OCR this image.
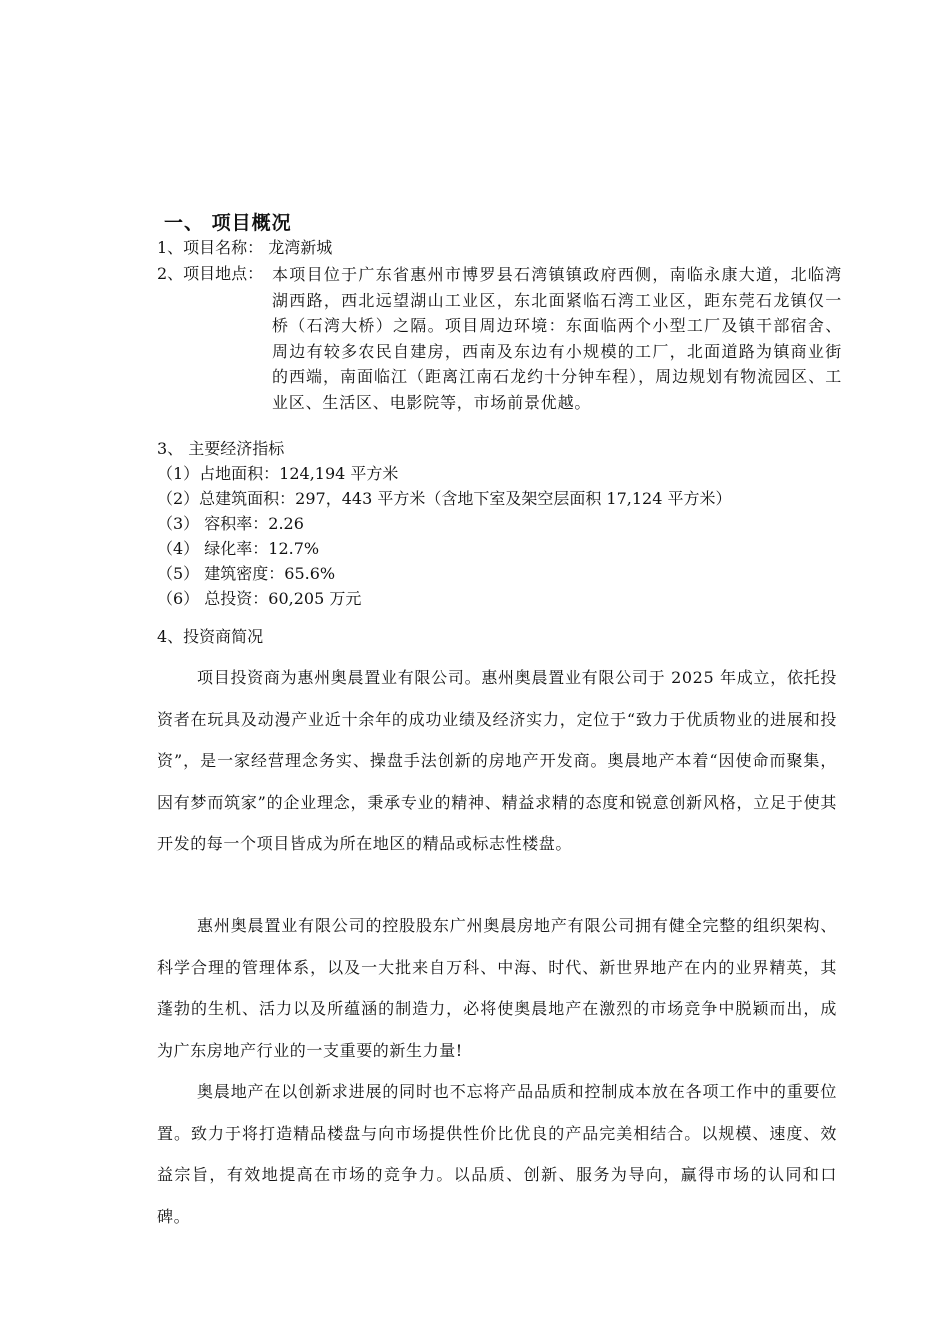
一、 项目概况
1、项目名称： 龙湾新城
2、项目地点： 本项目位于广东省惠州市博罗县石湾镇镇政府西侧，南临永康大道，北临湾湖西路，西北远望湖山工业区，东北面紧临石湾工业区，距东莞石龙镇仅一桥（石湾大桥）之隔。项目周边环境：东面临两个小型工厂及镇干部宿舍、周边有较多农民自建房，西南及东边有小规模的工厂，北面道路为镇商业街的西端，南面临江（距离江南石龙约十分钟车程），周边规划有物流园区、工业区、生活区、电影院等，市场前景优越。
3、 主要经济指标
（1）占地面积：124,194 平方米
（2）总建筑面积：297，443 平方米（含地下室及架空层面积 17,124 平方米）
（3） 容积率：2.26
（4） 绿化率：12.7%
（5） 建筑密度：65.6%
（6） 总投资：60,205 万元
4、投资商简况
项目投资商为惠州奥晨置业有限公司。惠州奥晨置业有限公司于 2025 年成立，依托投资者在玩具及动漫产业近十余年的成功业绩及经济实力，定位于“致力于优质物业的进展和投资”，是一家经营理念务实、操盘手法创新的房地产开发商。奥晨地产本着“因使命而聚集，因有梦而筑家”的企业理念，秉承专业的精神、精益求精的态度和锐意创新风格，立足于使其开发的每一个项目皆成为所在地区的精品或标志性楼盘。
惠州奥晨置业有限公司的控股股东广州奥晨房地产有限公司拥有健全完整的组织架构、科学合理的管理体系，以及一大批来自万科、中海、时代、新世界地产在内的业界精英，其蓬勃的生机、活力以及所蕴涵的制造力，必将使奥晨地产在激烈的市场竞争中脱颖而出，成为广东房地产行业的一支重要的新生力量!
奥晨地产在以创新求进展的同时也不忘将产品品质和控制成本放在各项工作中的重要位置。致力于将打造精品楼盘与向市场提供性价比优良的产品完美相结合。以规模、速度、效益宗旨，有效地提高在市场的竞争力。以品质、创新、服务为导向，赢得市场的认同和口碑。
